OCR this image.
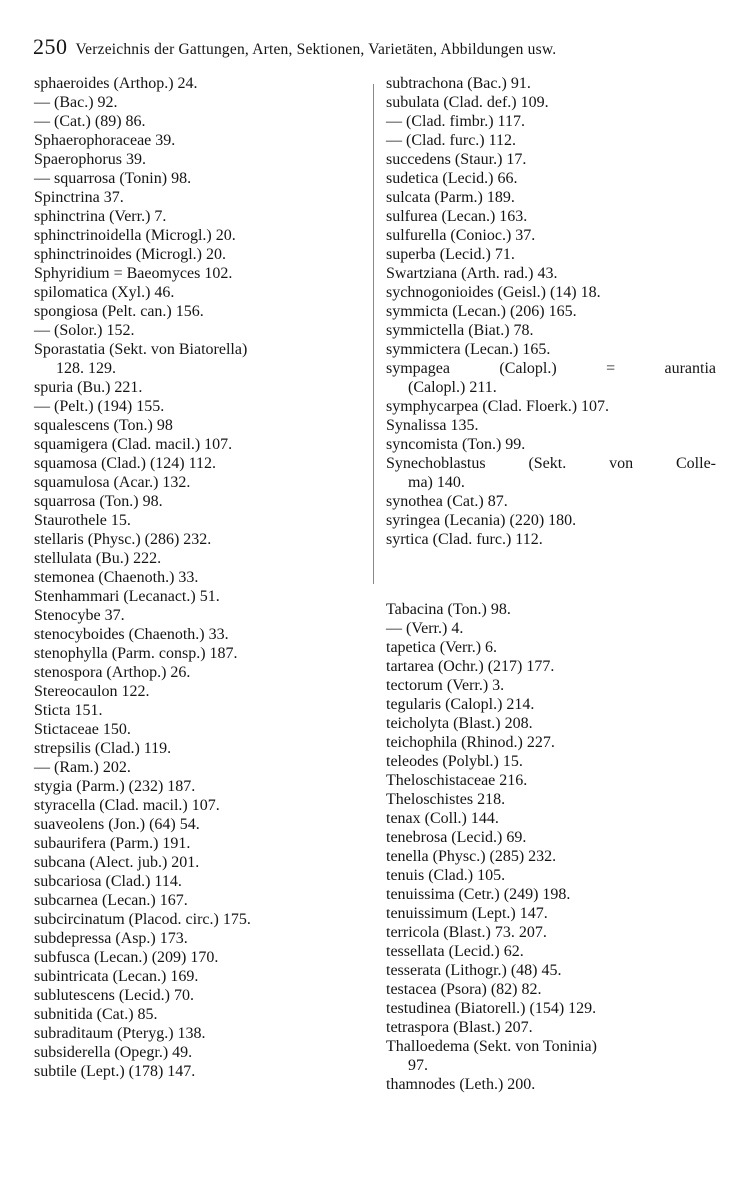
250 Verzeichnis der Gattungen, Arten, Sektionen, Varietäten, Abbildungen usw.
sphaeroides (Arthop.) 24.
— (Bac.) 92.
— (Cat.) (89) 86.
Sphaerophoraceae 39.
Spaerophorus 39.
— squarrosa (Tonin) 98.
Spinctrina 37.
sphinctrina (Verr.) 7.
sphinctrinoidella (Microgl.) 20.
sphinctrinoides (Microgl.) 20.
Sphyridium = Baeomyces 102.
spilomatica (Xyl.) 46.
spongiosa (Pelt. can.) 156.
— (Solor.) 152.
Sporastatia (Sekt. von Biatorella)
128. 129.
spuria (Bu.) 221.
— (Pelt.) (194) 155.
squalescens (Ton.) 98
squamigera (Clad. macil.) 107.
squamosa (Clad.) (124) 112.
squamulosa (Acar.) 132.
squarrosa (Ton.) 98.
Staurothele 15.
stellaris (Physc.) (286) 232.
stellulata (Bu.) 222.
stemonea (Chaenoth.) 33.
Stenhammari (Lecanact.) 51.
Stenocybe 37.
stenocyboides (Chaenoth.) 33.
stenophylla (Parm. consp.) 187.
stenospora (Arthop.) 26.
Stereocaulon 122.
Sticta 151.
Stictaceae 150.
strepsilis (Clad.) 119.
— (Ram.) 202.
stygia (Parm.) (232) 187.
styracella (Clad. macil.) 107.
suaveolens (Jon.) (64) 54.
subaurifera (Parm.) 191.
subcana (Alect. jub.) 201.
subcariosa (Clad.) 114.
subcarnea (Lecan.) 167.
subcircinatum (Placod. circ.) 175.
subdepressa (Asp.) 173.
subfusca (Lecan.) (209) 170.
subintricata (Lecan.) 169.
sublutescens (Lecid.) 70.
subnitida (Cat.) 85.
subraditaum (Pteryg.) 138.
subsiderella (Opegr.) 49.
subtile (Lept.) (178) 147.
subtrachona (Bac.) 91.
subulata (Clad. def.) 109.
— (Clad. fimbr.) 117.
— (Clad. furc.) 112.
succedens (Staur.) 17.
sudetica (Lecid.) 66.
sulcata (Parm.) 189.
sulfurea (Lecan.) 163.
sulfurella (Conioc.) 37.
superba (Lecid.) 71.
Swartziana (Arth. rad.) 43.
sychnogonioides (Geisl.) (14) 18.
symmicta (Lecan.) (206) 165.
symmictella (Biat.) 78.
symmictera (Lecan.) 165.
sympagea (Calopl.) = aurantia
(Calopl.) 211.
symphycarpea (Clad. Floerk.) 107.
Synalissa 135.
syncomista (Ton.) 99.
Synechoblastus (Sekt. von Colle-
ma) 140.
synothea (Cat.) 87.
syringea (Lecania) (220) 180.
syrtica (Clad. furc.) 112.
Tabacina (Ton.) 98.
— (Verr.) 4.
tapetica (Verr.) 6.
tartarea (Ochr.) (217) 177.
tectorum (Verr.) 3.
tegularis (Calopl.) 214.
teicholyta (Blast.) 208.
teichophila (Rhinod.) 227.
teleodes (Polybl.) 15.
Theloschistaceae 216.
Theloschistes 218.
tenax (Coll.) 144.
tenebrosa (Lecid.) 69.
tenella (Physc.) (285) 232.
tenuis (Clad.) 105.
tenuissima (Cetr.) (249) 198.
tenuissimum (Lept.) 147.
terricola (Blast.) 73. 207.
tessellata (Lecid.) 62.
tesserata (Lithogr.) (48) 45.
testacea (Psora) (82) 82.
testudinea (Biatorell.) (154) 129.
tetraspora (Blast.) 207.
Thalloedema (Sekt. von Toninia)
97.
thamnodes (Leth.) 200.
